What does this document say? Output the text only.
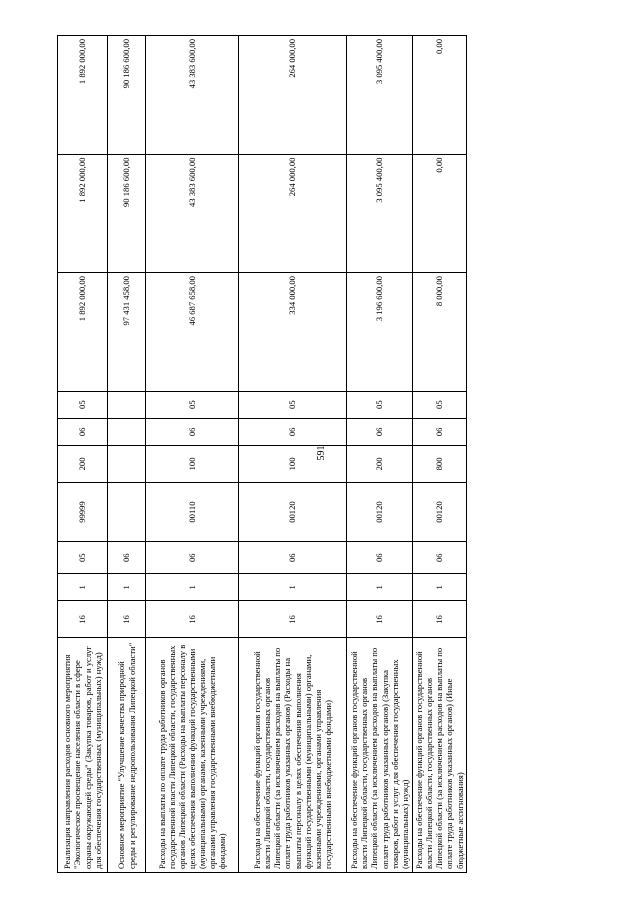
591
Реализация направления расходов основного мероприятия "Экологическое просвещение населения области в сфере охраны окружающей среды" (Закупка товаров, работ и услуг для обеспечения государственных (муниципальных) нужд)	16	1	05	99999	200	06	05	1 892 000,00	1 892 000,00	1 892 000,00
Основное мероприятие "Улучшение качества природной среды и регулирование недропользования Липецкой области"	16	1	06					97 431 458,00	90 186 600,00	90 186 600,00
Расходы на выплаты по оплате труда работников органов государственной власти Липецкой области, государственных органов Липецкой области (Расходы на выплаты персоналу в целях обеспечения выполнения функций государственными (муниципальными) органами, казенными учреждениями, органами управления государственными внебюджетными фондами)	16	1	06	00110	100	06	05	46 687 658,00	43 383 600,00	43 383 600,00
Расходы на обеспечение функций органов государственной власти Липецкой области, государственных органов Липецкой области (за исключением расходов на выплаты по оплате труда работников указанных органов) (Расходы на выплаты персоналу в целях обеспечения выполнения функций государственными (муниципальными) органами, казенными учреждениями, органами управления государственными внебюджетными фондами)	16	1	06	00120	100	06	05	334 000,00	264 000,00	264 000,00
Расходы на обеспечение функций органов государственной власти Липецкой области, государственных органов Липецкой области (за исключением расходов на выплаты по оплате труда работников указанных органов) (Закупка товаров, работ и услуг для обеспечения государственных (муниципальных) нужд)	16	1	06	00120	200	06	05	3 196 600,00	3 095 400,00	3 095 400,00
Расходы на обеспечение функций органов государственной власти Липецкой области, государственных органов Липецкой области (за исключением расходов на выплаты по оплате труда работников указанных органов) (Иные бюджетные ассигнования)	16	1	06	00120	800	06	05	8 000,00	0,00	0,00
